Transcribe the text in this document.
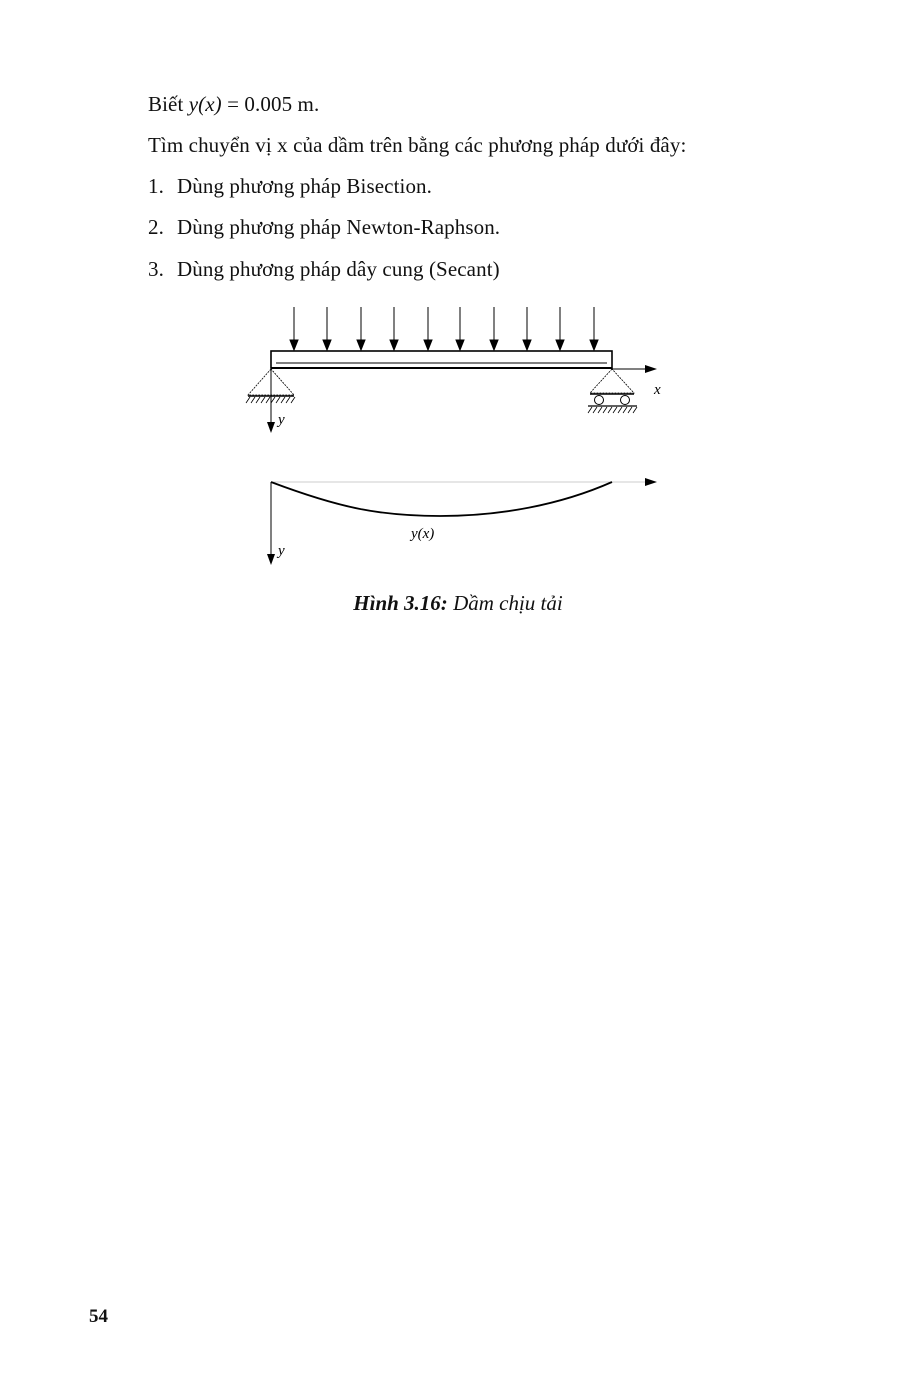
Biết y(x) = 0.005 m.
Tìm chuyển vị x của dầm trên bằng các phương pháp dưới đây:
1. Dùng phương pháp Bisection.
2. Dùng phương pháp Newton-Raphson.
3. Dùng phương pháp dây cung (Secant)
x
y
y(x)
y
Hình 3.16: Dầm chịu tải
54
